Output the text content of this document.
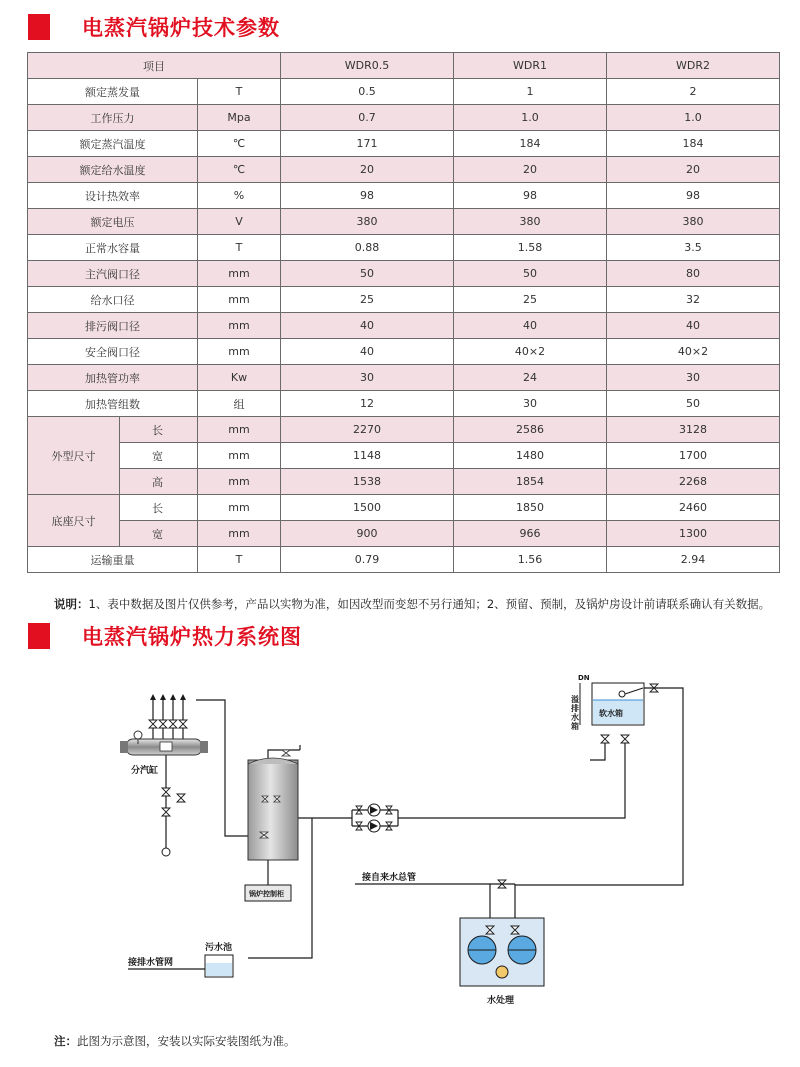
电蒸汽锅炉技术参数
项目			WDR0.5	WDR1	WDR2
额定蒸发量		T	0.5	1	2
工作压力		Mpa	0.7	1.0	1.0
额定蒸汽温度		℃	171	184	184
额定给水温度		℃	20	20	20
设计热效率		%	98	98	98
额定电压		V	380	380	380
正常水容量		T	0.88	1.58	3.5
主汽阀口径		mm	50	50	80
给水口径		mm	25	25	32
排污阀口径		mm	40	40	40
安全阀口径		mm	40	40×2	40×2
加热管功率		Kw	30	24	30
加热管组数		组	12	30	50
外型尺寸	长	mm	2270	2586	3128
	宽	mm	1148	1480	1700
	高	mm	1538	1854	2268
底座尺寸	长	mm	1500	1850	2460
	宽	mm	900	966	1300
运输重量		T	0.79	1.56	2.94
说明：1、表中数据及图片仅供参考，产品以实物为准，如因改型而变恕不另行通知；2、预留、预制，及锅炉房设计前请联系确认有关数据。
电蒸汽锅炉热力系统图
分汽缸
锅炉控制柜
软水箱
DN
接自来水总管
污水池
接排水管网
水处理
溢排水箱
注：此图为示意图，安装以实际安装图纸为准。
